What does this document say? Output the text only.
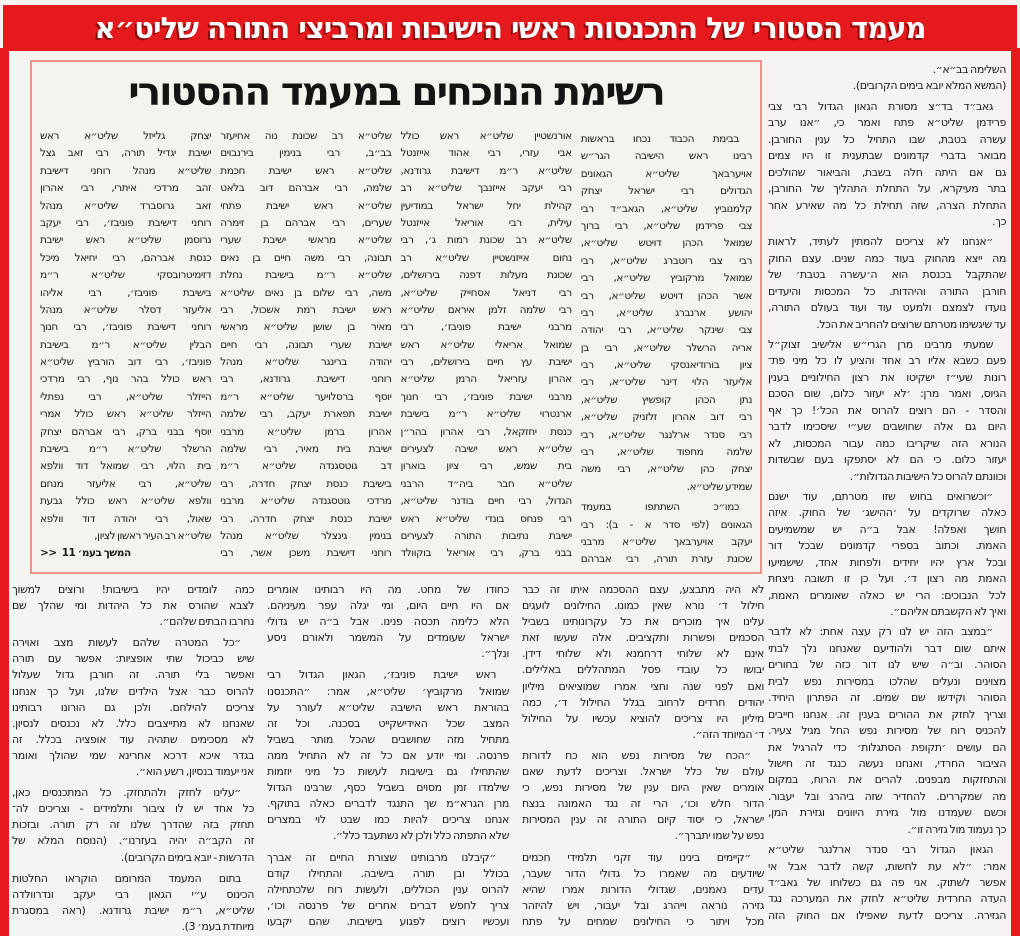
מעמד הסטורי של התכנסות ראשי הישיבות ומרביצי התורה שליט״א
השלימה בב״א״.
(המשא המלא יובא בימים הקרובים).
גאב״ד בד״צ מסורת הגאון הגדול רבי צבי
פרידמן שליט״א פתח ואמר כי, ״אנו ערב
עשרה בטבת, שבו התחיל כל ענין החורבן.
מבואר בדברי קדמונים שבתענית זו היו צמים
גם אם היתה חלה בשבת, והביאור שהולכים
בתר מעיקרא, על התחלת התהליך של החורבן,
התחלת הצרה, שזה תחילת כל מה שאירע אחר
כך.
״אנחנו לא צריכים להמתין לעתיד, לראות
מה ייצא מהחוק בעוד כמה שנים. עצם החוק
שהתקבל בכנסת הוא ה׳עשרה בטבת׳ של
חורבן התורה והיהדות. כל המכסות והיעדים
נועדו לצמצם ולמעט עוד ועוד בעולם התורה,
עד שיגשימו מטרתם שרוצים להחריב את הכל.
שמעתי מרבינו מרן הגרי״ש אלישיב זצוק״ל
פעם כשבא אליו רב אחד והציע לו כל מיני פת־
רונות שעי״ז ישקיטו את רצון החילוניים בענין
הגיוס, ואמר מרן: ׳לא יעזור כלום, שום הסכם
והסדר - הם רוצים להרוס את הכל׳! כך אף
היום גם אלה שחושבים שע״י שיסכימו לדבר
הנורא הזה שיקריבו כמה עבור המכסות, לא
יעזור כלום. כי הם לא יסתפקו בעם שבשדות
וכוונתם להרוס כל הישיבות הגדולות״.
״וכשרואים בחוש שזו מטרתם, עוד ישנם
כאלה שרוקדים על ׳ההישג׳ של החוק. איזה
חושך ואפלה! אבל ב״ה יש שמשמיעים
האמת. וכתוב בספרי קדמונים שבכל דור
ובכל ארץ יהיו יחידים ולפחות אחד, שישמיעו
האמת מה רצון ד׳. ועל כן זו תשובה ניצחת
לכל הנבוכים: הרי יש כאלה שאומרים האמת,
ואיך לא הקשבתם אליהם״.
״במצב הזה יש לנו רק עצה אחת: לא לדבר
איתם שום דבר ולהודיעם שאנחנו נלך לבתי
הסוהר. וב״ה שיש לנו דור כזה של בחורים
מצוינים ונעלים שהלכו במסירות נפש לבית
הסוהר וקידשו שם שמים. זה הפתרון היחיד.
וצריך לחזק את ההורים בענין זה. אנחנו חייבים
להכניס רוח של מסירות נפש החל מגיל צעיר.
הם עושים ׳תקופת הסתגלות׳ כדי להרגיל את
הציבור החרדי, ואנחנו נעשה כנגד זה חישול
והתחזקות מבפנים. להרים את הרוח, במקום
מה שמקררים. להחדיר שזה ביהרג ובל יעבור.
וכשם שעמדנו מול גזירת היוונים וגזירת המן,
כך נעמוד מול גזירה זו״.
הגאון הגדול רבי סנדר ארלנגר שליט״א
אמר: ״לא עת לחשות, קשה לדבר אבל אי
אפשר לשתוק. אני פה גם כשלוחו של גאב״ד
העדה החרדית שליט״א לחזק את המערכה נגד
הגזירה. צריכים לדעת שאפילו אם החוק הזה
רשימת הנוכחים במעמד ההסטורי
בבימת הכבוד נכחו בראשות
רבינו ראש הישיבה הגר״ש
אויערבאך שליט״א הגאונים
הגדולים רבי ישראל יצחק
קלמנוביץ שליט״א, הגאב״ד רבי
צבי פרידמן שליט״א, רבי ברוך
שמואל הכהן דויטש שליט״א,
רבי צבי רוטברג שליט״א, רבי
שמואל מרקוביץ שליט״א, רבי
אשר הכהן דויטש שליט״א, רבי
יהושע ארנברג שליט״א, רבי
צבי שינקר שליט״א, רבי יהודה
אריה הרשלר שליט״א, רבי בן
ציון בורודיאנסקי שליט״א, רבי
אליעזר הלוי דינר שליט״א, רבי
נתן הכהן קופשיץ שליט״א,
רבי דוב אהרון זלזניק שליט״א,
רבי סנדר ארלנגר שליט״א, רבי
שלמה מחפוד שליט״א, רבי
יצחק כהן שליט״א, רבי משה
שמידע שליט״א.
כמו״כ השתתפו במעמד
הגאונים (לפי סדר א - ב): רבי
יעקב אויערבאך שליט״א מרבני
שכונת עזרת תורה, רבי אברהם
אורנשטיין שליט״א ראש כולל
אבי עזרי, רבי אהוד אייזנטל
שליט״א ר״מ דישיבת גרודנא,
רבי יעקב אייזנבך שליט״א רב
קהילת יחל ישראל במודיעין
עילית, רבי אוריאל אייזנטל
שליט״א רב שכונת רמות ג׳, רבי
נחום אייזנשטיין שליט״א רב
שכונת מעלות דפנה בירושלים,
רבי דניאל אסחייק שליט״א,
רבי שלמה זלמן איראם שליט״א
מרבני ישיבת פוניבז׳, רבי
שמואל אריאלי שליט״א ראש
ישיבת עץ חיים בירושלים, רבי
אהרון עזריאל הרמן שליט״א
מרבני ישיבת פוניבז׳, רבי חנוך
ארנטרוי שליט״א ר״מ בישיבת
כנסת יחזקאל, רבי אהרון בהר״ן
שליט״א ראש ישיבה לצעירים
בית שמש, רבי ציון בוארון
שליט״א חבר ביה״ד הרבני
הגדול, רבי חיים בודנר שליט״א,
רבי פנחס בונדי שליט״א ראש
ישיבת נתיבות התורה לצעירים
בבני ברק, רבי אוריאל בוקוולד
שליט״א רב שכונת נוה אחיעזר
בב״ב, רבי בנימין בירנבוים
שליט״א ראש ישיבת חכמת
שלמה, רבי אברהם דוב בלאט
שליט״א ראש ישיבת פתחי
שערים, רבי אברהם בן זימרה
שליט״א מראשי ישיבת שערי
תבונה, רבי משה חיים בן נאים
שליט״א ר״מ בישיבת נחלת
משה, רבי שלום בן נאים שליט״א
ראש ישיבת רמת אשכול, רבי
מאיר בן שושן שליט״א מראשי
ישיבת שערי תבונה, רבי חיים
יהודה ברינגר שליט״א מנהל
רוחני דישיבת גרודנא, רבי
יוסף ברסלויער שליט״א ר״מ
ישיבת תפארת יעקב, רבי שלמה
אהרון ברמן שליט״א מרבני
ישיבת בית מאיר, רבי שלמה
דב גוטסגנדה שליט״א ר״מ
בישיבת כנסת יצחק חדרה, רבי
מרדכי גוטסגנדה שליט״א מרבני
ישיבת כנסת יצחק חדרה, רבי
בנימין גינצלר שליט״א מנהל
רוחני דישיבת משכן אשר, רבי
יצחק גלייזל שליט״א ראש
ישיבת יגדיל תורה, רבי זאב גצל
שליט״א מנהל רוחני דישיבת
זהב מרדכי איתרי, רבי אהרון
זאב גרוסברד שליט״א מנהל
רוחני דישיבת פוניבז׳, רבי יעקב
גרוסמן שליט״א ראש ישיבת
כנסת אברהם, רבי יחיאל מיכל
דזימיטרובסקי שליט״א ר״מ
בישיבת פוניבז׳, רבי אליהו
אליעזר דסלר שליט״א מנהל
רוחני דישיבת פוניבז׳, רבי חנוך
הבלין שליט״א ר״מ בישיבת
פוניבז׳, רבי דוב הורביץ שליט״א
ראש כולל בהר נוף, רבי מרדכי
הייזלר שליט״א, רבי נפתלי
הייזלר שליט״א ראש כולל אמרי
יוסף בבני ברק, רבי אברהם יצחק
הרשלר שליט״א ר״מ בישיבת
בית הלוי, רבי שמואל דוד וולפא
שליט״א, רבי אליעזר מנחם
וולפא שליט״א ראש כולל גבעת
שאול, רבי יהודה דוד וולפא
שליט״א רב העיר ראשון לציון,
המשך בעמ׳ 11
>>
לא היה מתבצע, עצם ההסכמה איתו זה כבר
חילול ד׳ נורא שאין כמונו. החילונים לועגים
עלינו איך מוכרים את כל עקרונותינו בשביל
הסכמים ופשרות ותקציבים. אלה שעשו זאת
אינם לא שלוחי דרחמנא ולא שלוחי דידן.
יבושו כל עובדי פסל המתהללים באלילים.
ואם לפני שנה וחצי אמרו שמוציאים מיליון
יהודים חרדים לרחוב בגלל החילול ד׳, כמה
מיליון היו צריכים להוציא עכשיו על החילול
ד׳ המיוחד הזה״.
״הכח של מסירות נפש הוא כח לדורות
עולם של כלל ישראל. וצריכים לדעת שאם
אומרים שאין היום ענין של מסירות נפש, כי
הדור חלש וכו׳, הרי זה נגד האמונה בנצח
ישראל, כי יסוד קיום התורה זה ענין המסירות
נפש על שמו יתברך״.
״קיימים בינינו עוד זקני תלמידי חכמים
שיודעים מה שאמרו כל גדולי הדור שעבר,
עדים נאמנים, שגדולי הדורות אמרו שהיא
גזירה נוראה וייהרג ובל יעבור, ויש להיזהר
מכל ויתור כי החילונים שמחים על פתח
כחודו של מחט. מה היו רבותינו אומרים
אם היו חיים היום, ומי יגלה עפר מעיניהם.
הלא כלימה תכסה פנינו. אבל ב״ה יש גדולי
ישראל שעומדים על המשמר ולאורם ניסע
ונלך״.
ראש ישיבת פוניבז׳, הגאון הגדול רבי
שמואל מרקוביץ׳ שליט״א, אמר: ״התכנסנו
בהוראת ראש הישיבה שליט״א לעורר על
המצב שכל האידישקייט בסכנה. וכל זה
מתחיל מזה שחושבים שהכל מותר בשביל
פרנסה. ומי יודע אם כל זה לא התחיל ממה
שהתחילו גם בישיבות לעשות כל מיני יוזמות
שילמדו זמן מסוים בשביל כסף, שרבינו הגדול
מרן הגרא״מ שך התנגד לדברים כאלה בתוקף.
אנחנו צריכים להיות כמו שבט לוי במצרים
שלא התפתה כלל ולכן לא נשתעבד כלל״.
״קיבלנו מרבותינו שצורת החיים זה אברך
בכולל ובן תורה בישיבה. והתחילו קודם
להרוס ענין הכוללים, ולעשות רוח שלכתחילה
צריך לחפש דברים אחרים של פרנסה וכו׳,
ועכשיו רוצים לפגוע בישיבות. שהם יקבעו
כמה לומדים יהיו בישיבות! ורוצים למשוך
לצבא שהורס את כל היהדות ומי שהלך שם
נחרבו הבתים שלהם״.
״כל המטרה שלהם לעשות מצב ואוירה
שיש כביכול שתי אופציות: אפשר עם תורה
ואפשר בלי תורה. זה חורבן גדול שעלול
להרוס כבר אצל הילדים שלנו, ועל כך אנחנו
צריכים להילחם. ולכן גם הורונו רבותינו
שאנחנו לא מתייצבים כלל. לא נכנסים לנסיון.
לא מסכימים שתהיה עוד אופציה בכלל. זה
בגדר איכא דרכא אחרינא שמי שהולך ואומר
אני יעמוד בנסיון, רשע הוא״.
״עלינו לחזק ולהתחזק. כל המתכנסים כאן,
כל אחד יש לו ציבור ותלמידים - וצריכים לה־
תחזק בזה שהדרך שלנו זה רק תורה. ובזכות
זה הקב״ה יהיה בעזרנו״. (הנוסח המלא של
הדרשות - יובא בימים הקרובים).
בתום המעמד המרומם הוקראו החלטות
הכינוס ע״י הגאון רבי יעקב ונדרוולדה
שליט״א, ר״מ ישיבת גרודנא. (ראה במסגרת
מיוחדת בעמ׳ 3).
